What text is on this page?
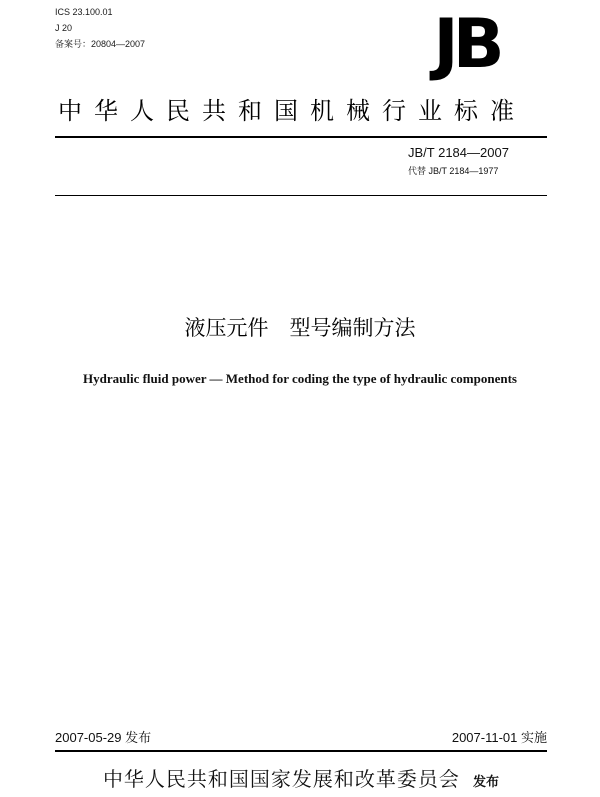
ICS 23.100.01
J 20
备案号：20804—2007	JB
中华人民共和国机械行业标准
JB/T 2184—2007
代替 JB/T 2184—1977
液压元件　型号编制方法
Hydraulic fluid power — Method for coding the type of hydraulic components
2007-05-29 发布	2007-11-01 实施
中华人民共和国国家发展和改革委员会 发布
